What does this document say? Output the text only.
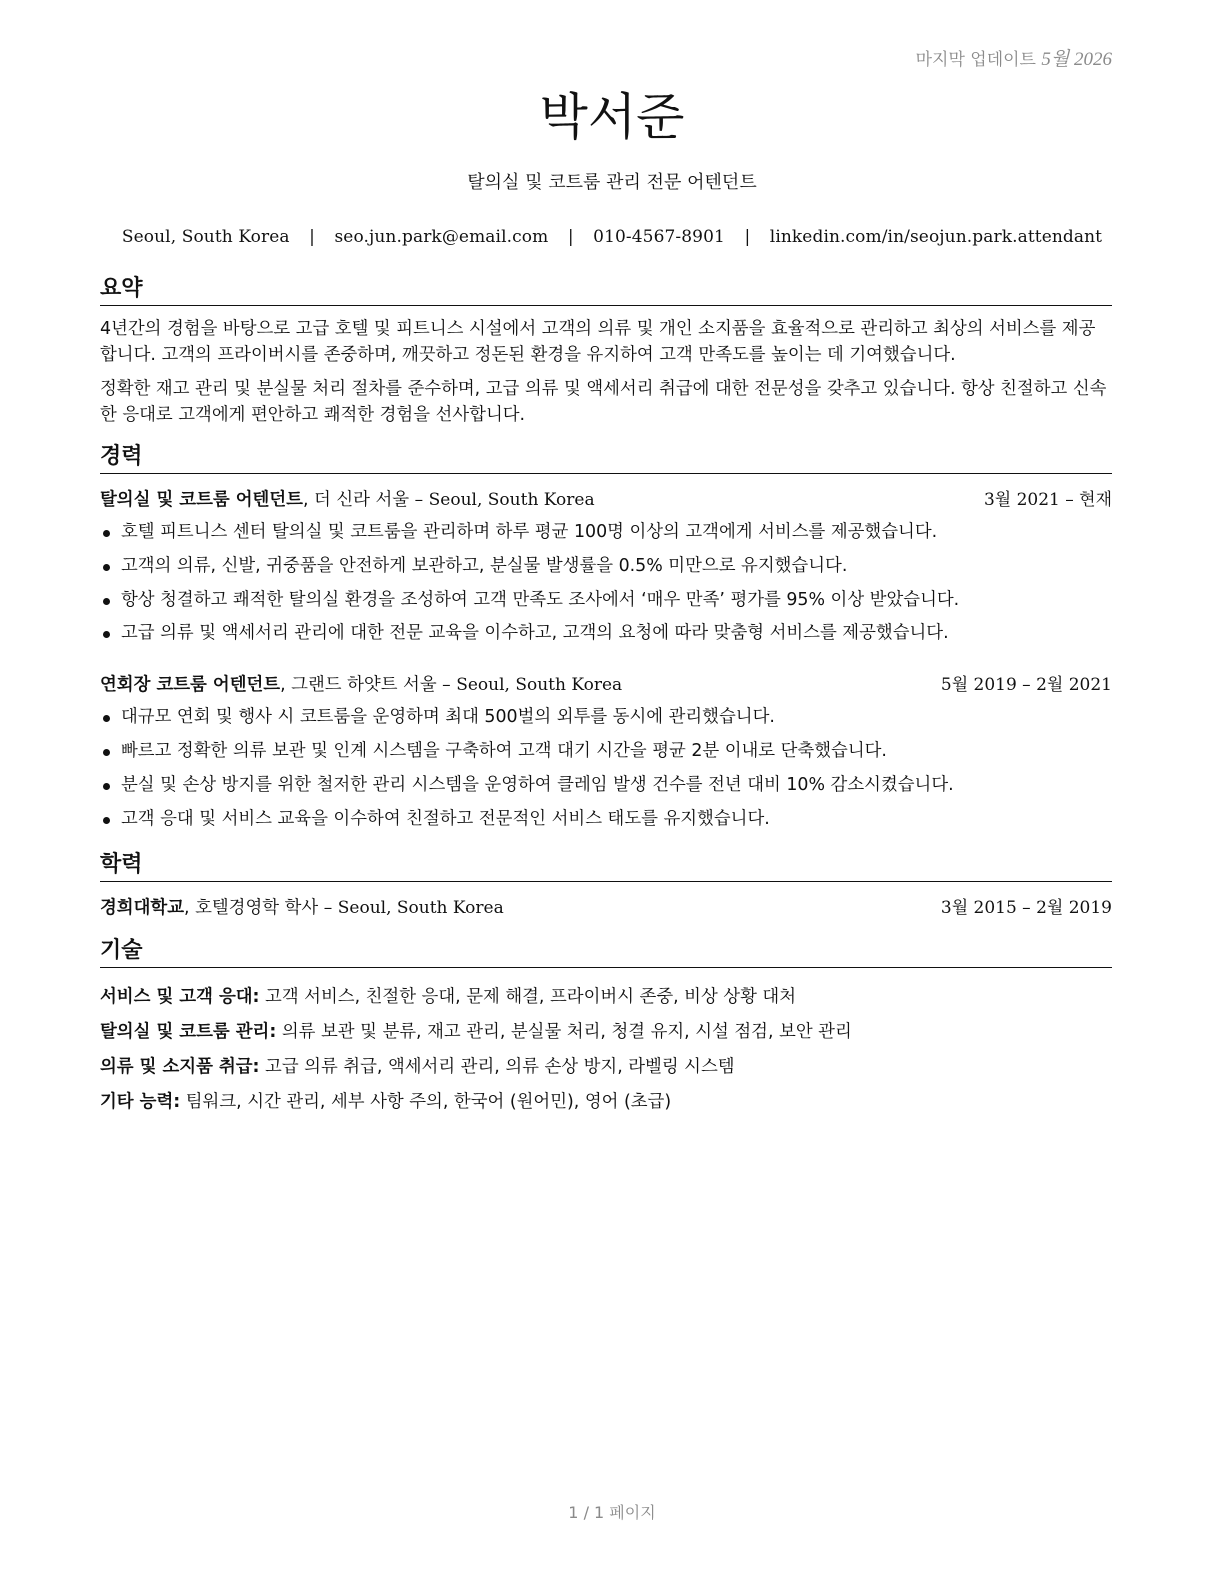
마지막 업데이트 5월 2026
박서준
탈의실 및 코트룸 관리 전문 어텐던트
Seoul, South Korea | seo.jun.park@email.com | 010-4567-8901 | linkedin.com/in/seojun.park.attendant
요약

4년간의 경험을 바탕으로 고급 호텔 및 피트니스 시설에서 고객의 의류 및 개인 소지품을 효율적으로 관리하고 최상의 서비스를 제공합니다. 고객의 프라이버시를 존중하며, 깨끗하고 정돈된 환경을 유지하여 고객 만족도를 높이는 데 기여했습니다.

정확한 재고 관리 및 분실물 처리 절차를 준수하며, 고급 의류 및 액세서리 취급에 대한 전문성을 갖추고 있습니다. 항상 친절하고 신속한 응대로 고객에게 편안하고 쾌적한 경험을 선사합니다.

경력
탈의실 및 코트룸 어텐던트, 더 신라 서울 – Seoul, South Korea	3월 2021 – 현재
호텔 피트니스 센터 탈의실 및 코트룸을 관리하며 하루 평균 100명 이상의 고객에게 서비스를 제공했습니다.
고객의 의류, 신발, 귀중품을 안전하게 보관하고, 분실물 발생률을 0.5% 미만으로 유지했습니다.
항상 청결하고 쾌적한 탈의실 환경을 조성하여 고객 만족도 조사에서 ‘매우 만족’ 평가를 95% 이상 받았습니다.
고급 의류 및 액세서리 관리에 대한 전문 교육을 이수하고, 고객의 요청에 따라 맞춤형 서비스를 제공했습니다.
연회장 코트룸 어텐던트, 그랜드 하얏트 서울 – Seoul, South Korea	5월 2019 – 2월 2021
대규모 연회 및 행사 시 코트룸을 운영하며 최대 500벌의 외투를 동시에 관리했습니다.
빠르고 정확한 의류 보관 및 인계 시스템을 구축하여 고객 대기 시간을 평균 2분 이내로 단축했습니다.
분실 및 손상 방지를 위한 철저한 관리 시스템을 운영하여 클레임 발생 건수를 전년 대비 10% 감소시켰습니다.
고객 응대 및 서비스 교육을 이수하여 친절하고 전문적인 서비스 태도를 유지했습니다.
학력
경희대학교, 호텔경영학 학사 – Seoul, South Korea	3월 2015 – 2월 2019
기술
서비스 및 고객 응대: 고객 서비스, 친절한 응대, 문제 해결, 프라이버시 존중, 비상 상황 대처
탈의실 및 코트룸 관리: 의류 보관 및 분류, 재고 관리, 분실물 처리, 청결 유지, 시설 점검, 보안 관리
의류 및 소지품 취급: 고급 의류 취급, 액세서리 관리, 의류 손상 방지, 라벨링 시스템
기타 능력: 팀워크, 시간 관리, 세부 사항 주의, 한국어 (원어민), 영어 (초급)
1 / 1 페이지
